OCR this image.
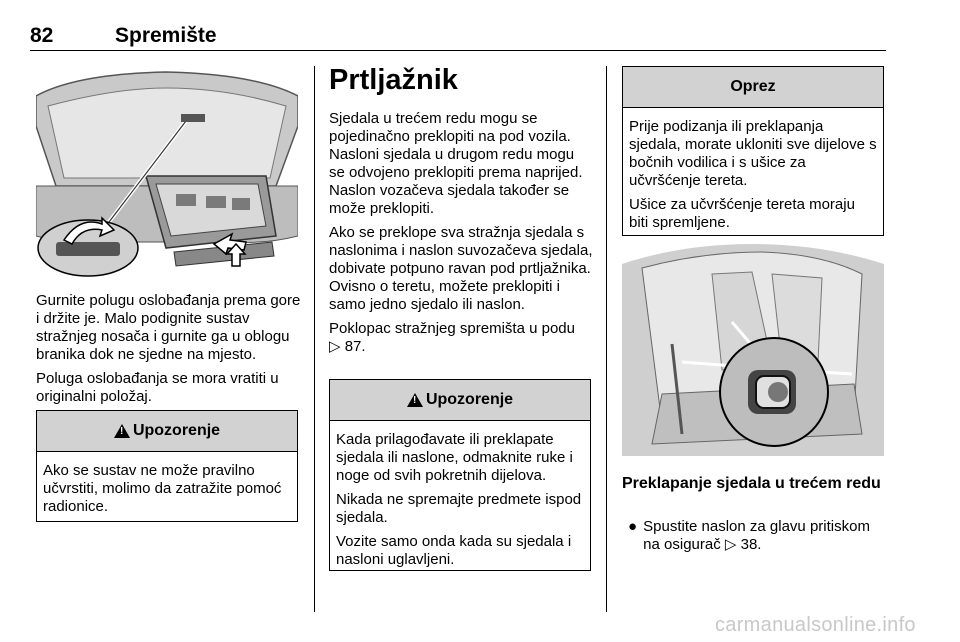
82	Spremište

Gurnite polugu oslobađanja prema gore i držite je. Malo podignite sustav stražnjeg nosača i gurnite ga u oblogu branika dok ne sjedne na mjesto.

Poluga oslobađanja se mora vratiti u originalni položaj.

!
Upozorenje

Ako se sustav ne može pravilno učvrstiti, molimo da zatražite pomoć radionice.

Prtljažnik

Sjedala u trećem redu mogu se pojedinačno preklopiti na pod vozila. Nasloni sjedala u drugom redu mogu se odvojeno preklopiti prema naprijed. Naslon vozačeva sjedala također se može preklopiti.

Ako se preklope sva stražnja sjedala s naslonima i naslon suvozačeva sjedala, dobivate potpuno ravan pod prtljažnika. Ovisno o teretu, možete preklopiti i samo jedno sjedalo ili naslon.

Poklopac stražnjeg spremišta u podu
▷ 87.

!
Upozorenje

Kada prilagođavate ili preklapate sjedala ili naslone, odmaknite ruke i noge od svih pokretnih dijelova.

Nikada ne spremajte predmete ispod sjedala.

Vozite samo onda kada su sjedala i nasloni uglavljeni.

Oprez

Prije podizanja ili preklapanja sjedala, morate ukloniti sve dijelove s bočnih vodilica i s ušice za učvršćenje tereta.

Ušice za učvršćenje tereta moraju biti spremljene.

Preklapanje sjedala u trećem redu
● Spustite naslon za glavu pritiskom na osigurač ▷ 38.
carmanualsonline.info
